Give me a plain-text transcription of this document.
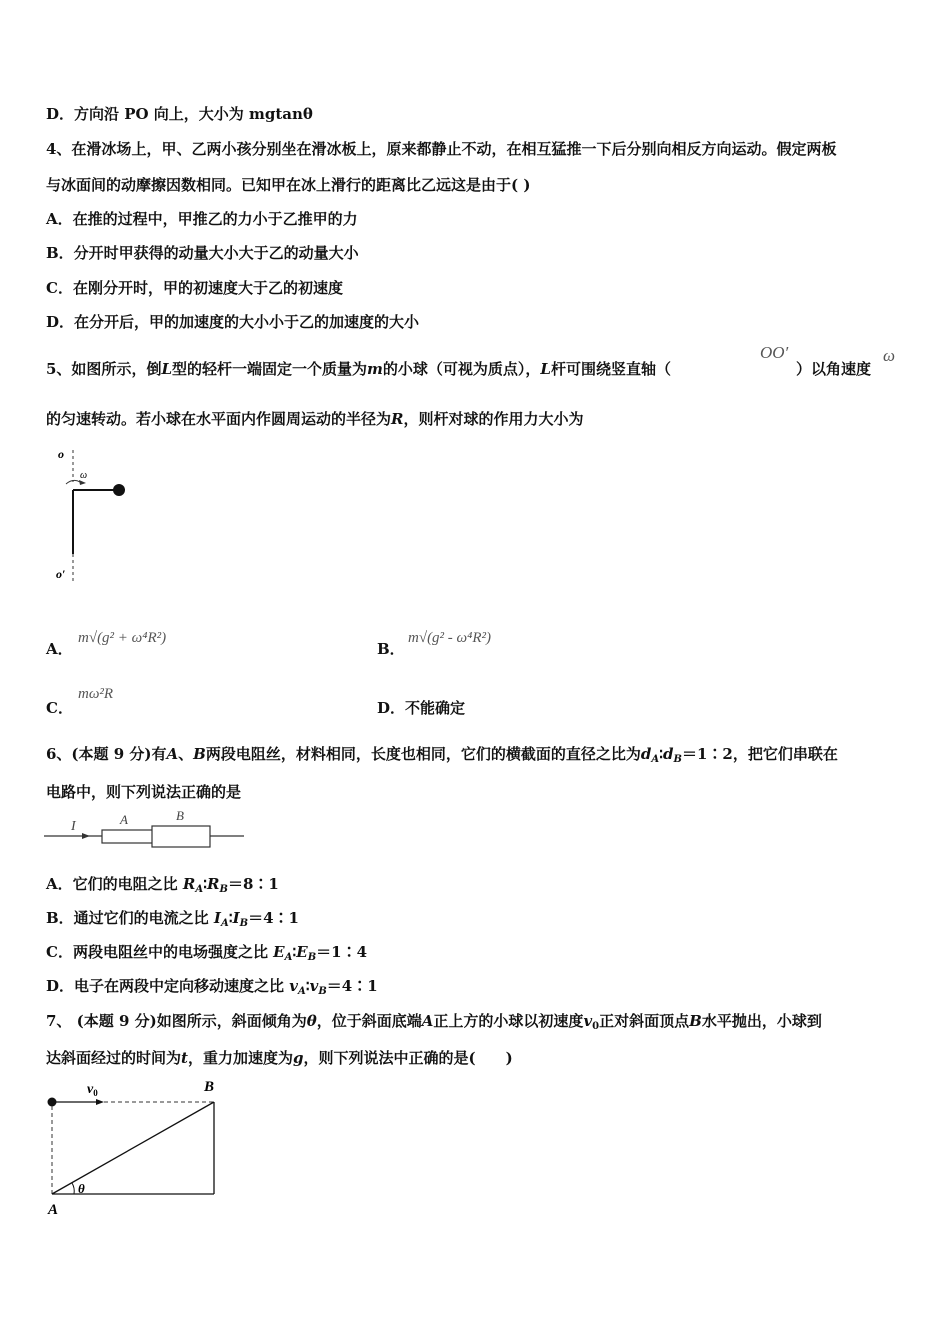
D．方向沿 PO 向上，大小为 mgtanθ
4、在滑冰场上，甲、乙两小孩分别坐在滑冰板上，原来都静止不动，在相互猛推一下后分别向相反方向运动。假定两板
与冰面间的动摩擦因数相同。已知甲在冰上滑行的距离比乙远这是由于( )
A．在推的过程中，甲推乙的力小于乙推甲的力
B．分开时甲获得的动量大小大于乙的动量大小
C．在刚分开时，甲的初速度大于乙的初速度
D．在分开后，甲的加速度的大小小于乙的加速度的大小
5、如图所示，倒L型的轻杆一端固定一个质量为m的小球（可视为质点），L杆可围绕竖直轴（
OO′
）以角速度
ω
的匀速转动。若小球在水平面内作圆周运动的半径为R，则杆对球的作用力大小为
o
ω
o′
A．
m√(g² + ω⁴R²)
B．
m√(g² - ω⁴R²)
C．
mω²R
D．不能确定
6、(本题 9 分)有A、B两段电阻丝，材料相同，长度也相同，它们的横截面的直径之比为$d_A∶d_B=1∶2$，把它们串联在
电路中，则下列说法正确的是
I	A	B
A．它们的电阻之比 $R_A∶R_B=8∶1$
B．通过它们的电流之比 $I_A∶I_B=4∶1$
C．两段电阻丝中的电场强度之比 $E_A∶E_B=1∶4$
D．电子在两段中定向移动速度之比 $v_A∶v_B=4∶1$
7、 (本题 9 分)如图所示，斜面倾角为θ，位于斜面底端A正上方的小球以初速度$v_0$正对斜面顶点B水平抛出，小球到
达斜面经过的时间为t，重力加速度为g，则下列说法中正确的是(　　)
$v_0$	B
θ
A
